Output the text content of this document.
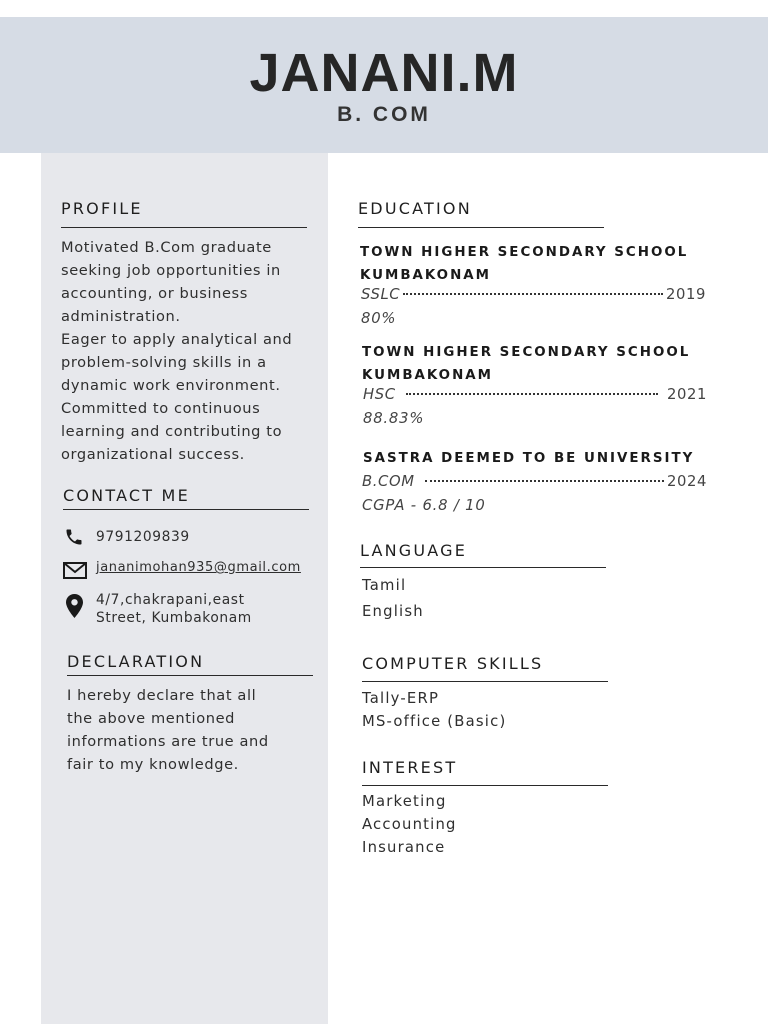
JANANI.M
B. COM
PROFILE
Motivated B.Com graduate
seeking job opportunities in
accounting, or business
administration.
Eager to apply analytical and
problem-solving skills in a
dynamic work environment.
Committed to continuous
learning and contributing to
organizational success.
CONTACT ME
9791209839
jananimohan935@gmail.com
4/7,chakrapani,east
Street, Kumbakonam
DECLARATION
I hereby declare that all
the above mentioned
informations are true and
fair to my knowledge.
EDUCATION
TOWN HIGHER SECONDARY SCHOOL
KUMBAKONAM
SSLC	2019
80%
TOWN HIGHER SECONDARY SCHOOL
KUMBAKONAM
HSC	2021
88.83%
SASTRA DEEMED TO BE UNIVERSITY
B.COM	2024
CGPA - 6.8 / 10
LANGUAGE
Tamil
English
COMPUTER SKILLS
Tally-ERP
MS-office (Basic)
INTEREST
Marketing
Accounting
Insurance
